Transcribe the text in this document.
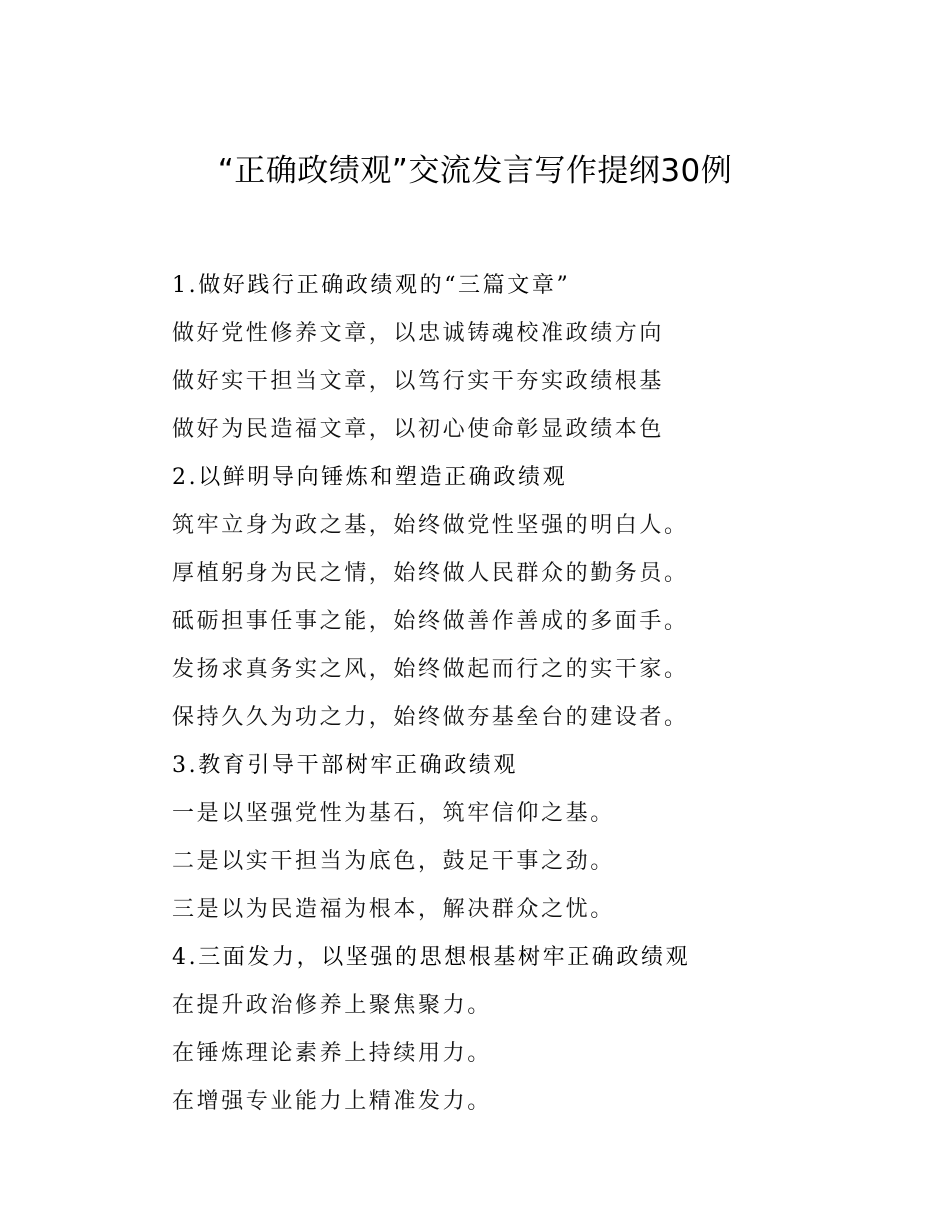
“正确政绩观”交流发言写作提纲30例
1.做好践行正确政绩观的“三篇文章”
做好党性修养文章，以忠诚铸魂校准政绩方向
做好实干担当文章，以笃行实干夯实政绩根基
做好为民造福文章，以初心使命彰显政绩本色
2.以鲜明导向锤炼和塑造正确政绩观
筑牢立身为政之基，始终做党性坚强的明白人。
厚植躬身为民之情，始终做人民群众的勤务员。
砥砺担事任事之能，始终做善作善成的多面手。
发扬求真务实之风，始终做起而行之的实干家。
保持久久为功之力，始终做夯基垒台的建设者。
3.教育引导干部树牢正确政绩观
一是以坚强党性为基石，筑牢信仰之基。
二是以实干担当为底色，鼓足干事之劲。
三是以为民造福为根本，解决群众之忧。
4.三面发力，以坚强的思想根基树牢正确政绩观
在提升政治修养上聚焦聚力。
在锤炼理论素养上持续用力。
在增强专业能力上精准发力。
